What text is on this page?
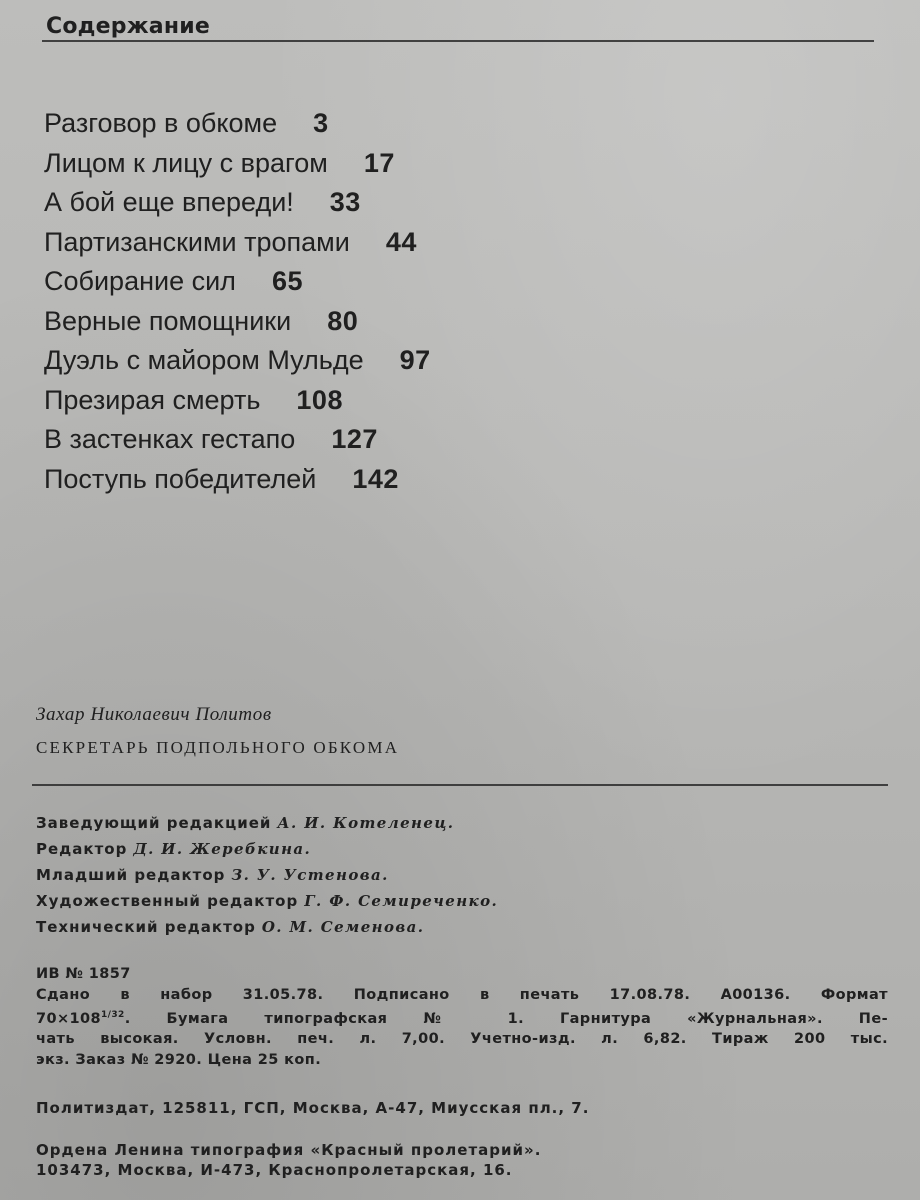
Содержание
Разговор в обкоме 3
Лицом к лицу с врагом 17
А бой еще впереди! 33
Партизанскими тропами 44
Собирание сил 65
Верные помощники 80
Дуэль с майором Мульде 97
Презирая смерть 108
В застенках гестапо 127
Поступь победителей 142
Захар Николаевич Политов
СЕКРЕТАРЬ ПОДПОЛЬНОГО ОБКОМА
Заведующий редакцией А. И. Котеленец.
Редактор Д. И. Жеребкина.
Младший редактор З. У. Устенова.
Художественный редактор Г. Ф. Семиреченко.
Технический редактор О. М. Семенова.
ИВ № 1857
Сдано в набор 31.05.78. Подписано в печать 17.08.78. А00136. Формат
$70\times 108^{1/32}$. Бумага типографская № 1. Гарнитура «Журнальная». Пе-
чать высокая. Условн. печ. л. 7,00. Учетно-изд. л. 6,82. Тираж 200 тыс.
экз. Заказ № 2920. Цена 25 коп.
Политиздат, 125811, ГСП, Москва, А-47, Миусская пл., 7.
Ордена Ленина типография «Красный пролетарий».
103473, Москва, И-473, Краснопролетарская, 16.
